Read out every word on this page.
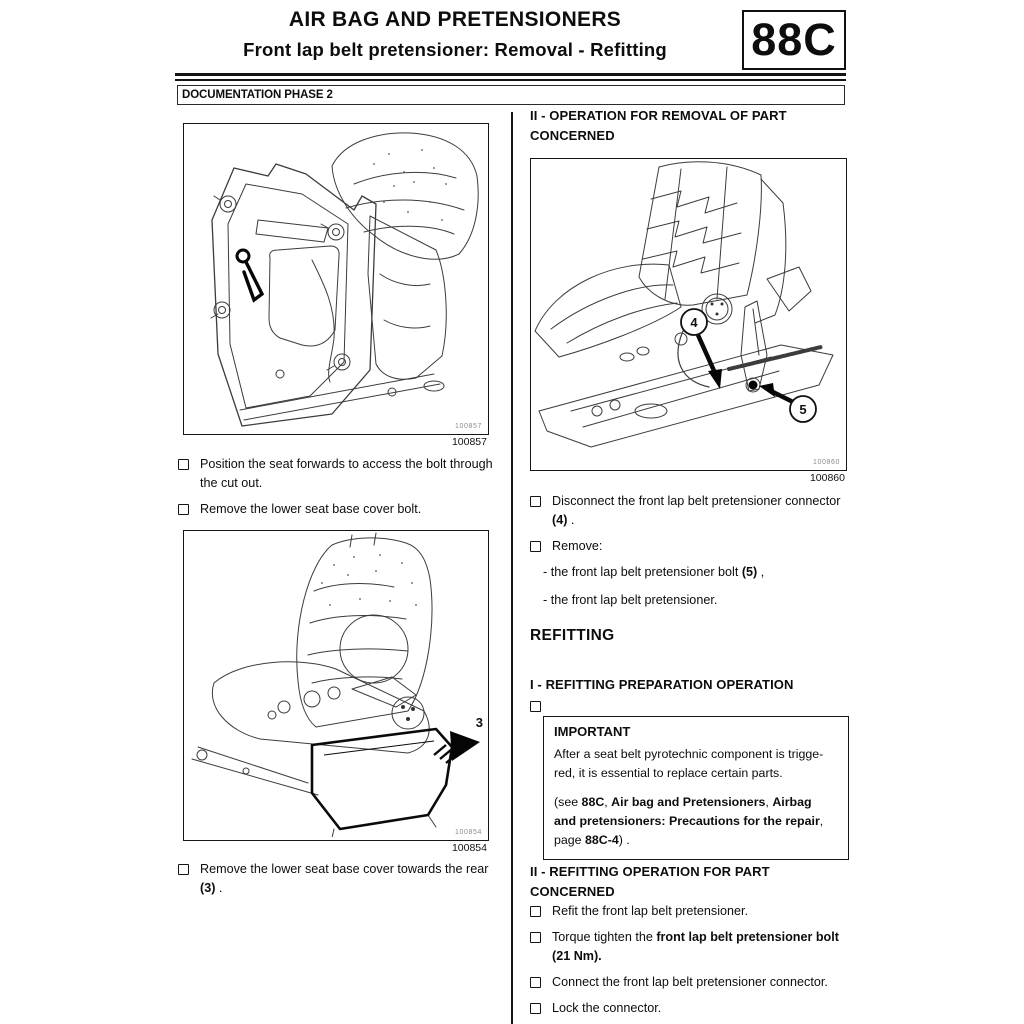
AIR BAG AND PRETENSIONERS
Front lap belt pretensioner: Removal - Refitting	88C
DOCUMENTATION PHASE 2
100857
100857
Position the seat forwards to access the bolt through the cut out.
Remove the lower seat base cover bolt.
3
100854
100854
Remove the lower seat base cover towards the rear (3) .
II - OPERATION FOR REMOVAL OF PART CONCERNED
4
5
100860
100860
Disconnect the front lap belt pretensioner connector (4) .
Remove:
- the front lap belt pretensioner bolt (5) ,
- the front lap belt pretensioner.
REFITTING
I - REFITTING PREPARATION OPERATION
IMPORTANT
After a seat belt pyrotechnic component is trigge-
red, it is essential to replace certain parts.
(see 88C, Air bag and Pretensioners, Airbag
and pretensioners: Precautions for the repair,
page 88C-4) .
II - REFITTING OPERATION FOR PART CONCERNED
Refit the front lap belt pretensioner.
Torque tighten the front lap belt pretensioner bolt (21 Nm).
Connect the front lap belt pretensioner connector.
Lock the connector.
